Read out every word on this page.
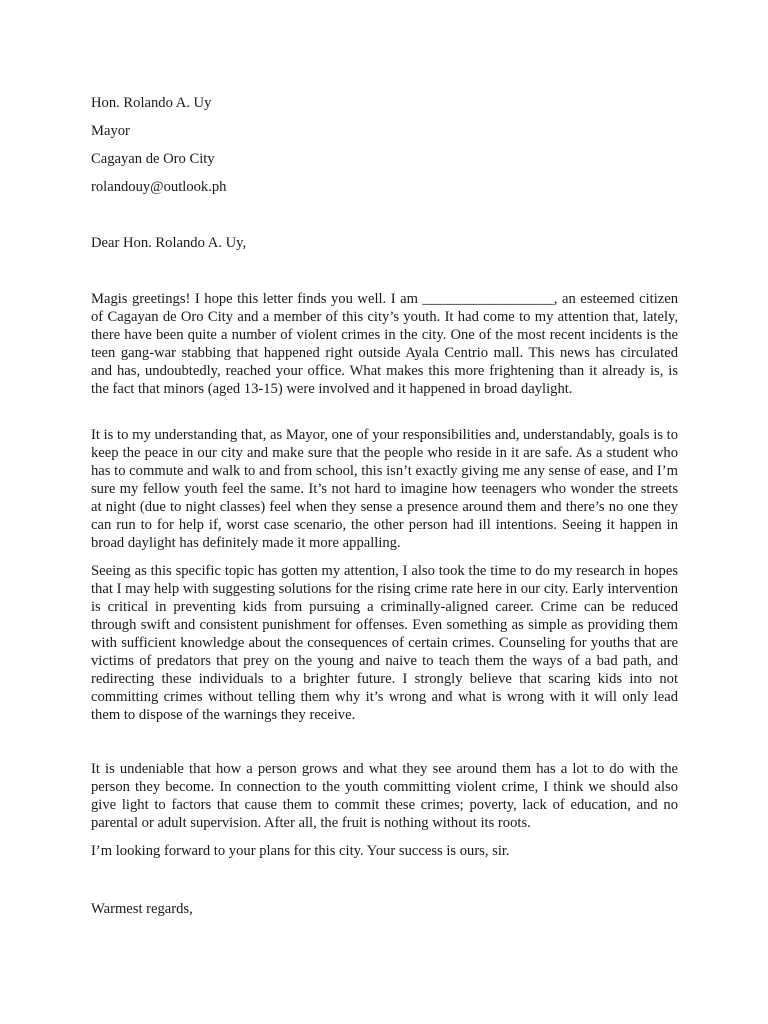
Hon. Rolando A. Uy

Mayor

Cagayan de Oro City

rolandouy@outlook.ph

Dear Hon. Rolando A. Uy,

Magis greetings! I hope this letter finds you well. I am __________________, an esteemed citizen of Cagayan de Oro City and a member of this city’s youth. It had come to my attention that, lately, there have been quite a number of violent crimes in the city. One of the most recent incidents is the teen gang-war stabbing that happened right outside Ayala Centrio mall. This news has circulated and has, undoubtedly, reached your office. What makes this more frightening than it already is, is the fact that minors (aged 13-15) were involved and it happened in broad daylight.

It is to my understanding that, as Mayor, one of your responsibilities and, understandably, goals is to keep the peace in our city and make sure that the people who reside in it are safe. As a student who has to commute and walk to and from school, this isn’t exactly giving me any sense of ease, and I’m sure my fellow youth feel the same. It’s not hard to imagine how teenagers who wonder the streets at night (due to night classes) feel when they sense a presence around them and there’s no one they can run to for help if, worst case scenario, the other person had ill intentions. Seeing it happen in broad daylight has definitely made it more appalling.

Seeing as this specific topic has gotten my attention, I also took the time to do my research in hopes that I may help with suggesting solutions for the rising crime rate here in our city. Early intervention is critical in preventing kids from pursuing a criminally-aligned career. Crime can be reduced through swift and consistent punishment for offenses. Even something as simple as providing them with sufficient knowledge about the consequences of certain crimes. Counseling for youths that are victims of predators that prey on the young and naive to teach them the ways of a bad path, and redirecting these individuals to a brighter future. I strongly believe that scaring kids into not committing crimes without telling them why it’s wrong and what is wrong with it will only lead them to dispose of the warnings they receive.

It is undeniable that how a person grows and what they see around them has a lot to do with the person they become. In connection to the youth committing violent crime, I think we should also give light to factors that cause them to commit these crimes; poverty, lack of education, and no parental or adult supervision. After all, the fruit is nothing without its roots.

I’m looking forward to your plans for this city. Your success is ours, sir.

Warmest regards,
